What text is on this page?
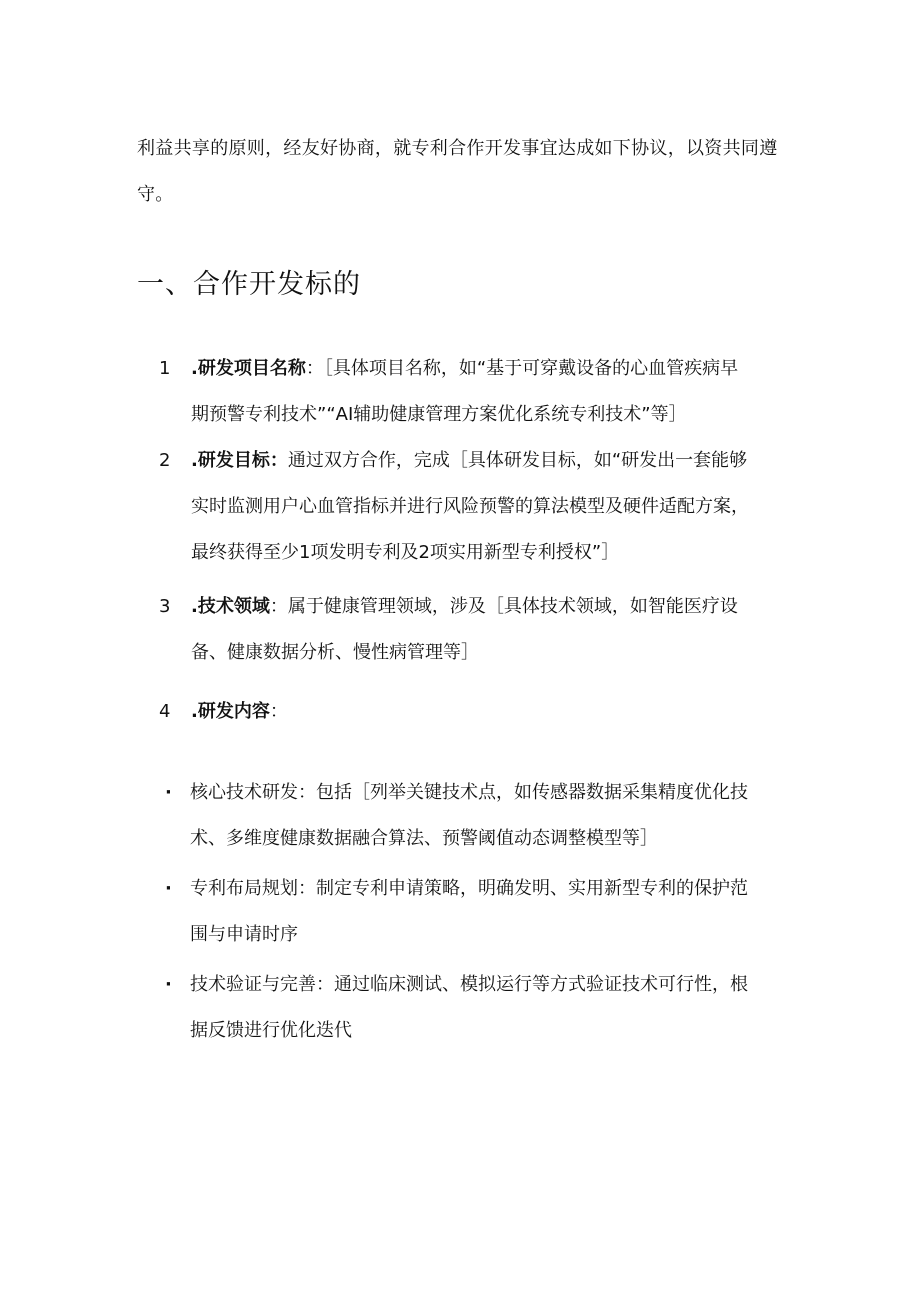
利益共享的原则，经友好协商，就专利合作开发事宜达成如下协议，以资共同遵
守。
一、合作开发标的
1	.研发项目名称：［具体项目名称，如“基于可穿戴设备的心血管疾病早
期预警专利技术”“AI辅助健康管理方案优化系统专利技术”等］
2	.研发目标：通过双方合作，完成［具体研发目标，如“研发出一套能够
实时监测用户心血管指标并进行风险预警的算法模型及硬件适配方案，
最终获得至少1项发明专利及2项实用新型专利授权”］
3	.技术领域：属于健康管理领域，涉及［具体技术领域，如智能医疗设
备、健康数据分析、慢性病管理等］
4	.研发内容：
·	核心技术研发：包括［列举关键技术点，如传感器数据采集精度优化技
术、多维度健康数据融合算法、预警阈值动态调整模型等］
·	专利布局规划：制定专利申请策略，明确发明、实用新型专利的保护范
围与申请时序
·	技术验证与完善：通过临床测试、模拟运行等方式验证技术可行性，根
据反馈进行优化迭代
